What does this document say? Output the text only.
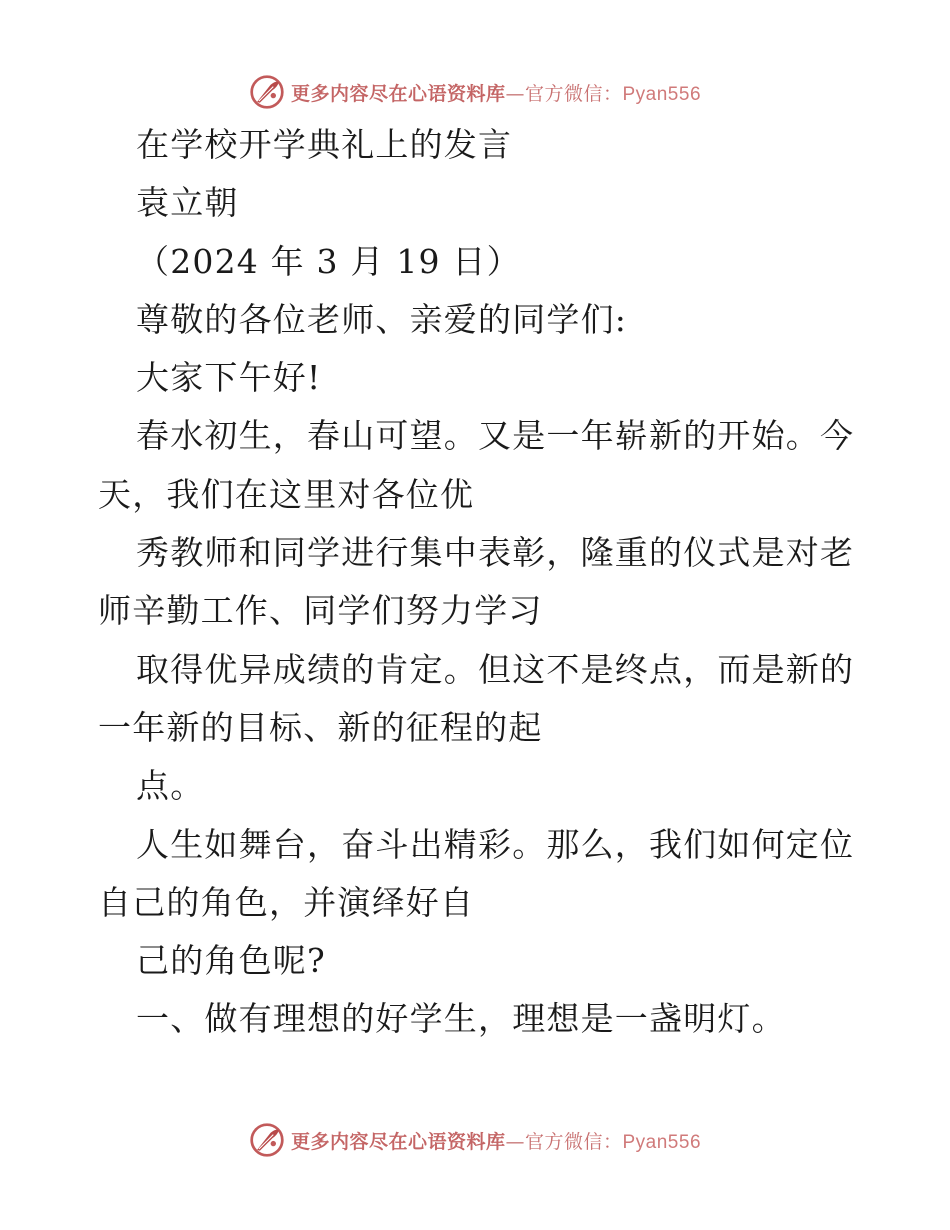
更多内容尽在心语资料库—官方微信：Pyan556
在学校开学典礼上的发言
袁立朝
（2024 年 3 月 19 日）
尊敬的各位老师、亲爱的同学们:
大家下午好!
春水初生，春山可望。又是一年崭新的开始。今
天，我们在这里对各位优
秀教师和同学进行集中表彰，隆重的仪式是对老
师辛勤工作、同学们努力学习
取得优异成绩的肯定。但这不是终点，而是新的
一年新的目标、新的征程的起
点。
人生如舞台，奋斗出精彩。那么，我们如何定位
自己的角色，并演绎好自
己的角色呢?
一、做有理想的好学生，理想是一盏明灯。
更多内容尽在心语资料库—官方微信：Pyan556
